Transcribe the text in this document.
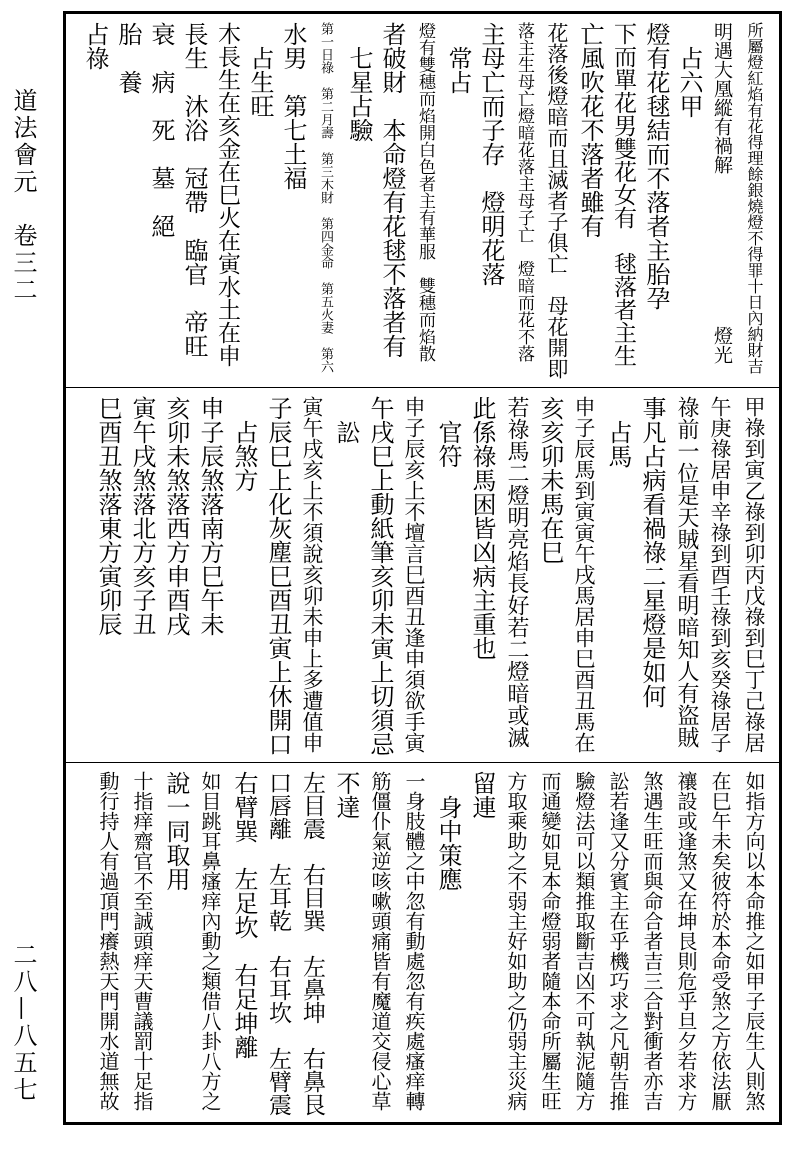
道法會元　卷三二
二八—八五七
所屬燈紅焰有花得理餘銀燒燈不得罪十日內納財吉
明遇大凰縱有禍解　　　　　　　　燈光
　占六甲
燈有花毬結而不落者主胎孕
下而單花男雙花女有　毬落者主生
亡風吹花不落者雖有
花落後燈暗而且滅者子俱亡　母花開即
落主生母亡燈暗花落主母子亡　燈暗而花不落
主母亡而子存　燈明花落
　常占
燈有雙穗而焰開白色者主有華服　雙穗而焰散
者破財　本命燈有花毬不落者有
　七星占驗
第一日祿　第二月壽　第三木財　第四金命　第五火妻　第六
水男　第七土福
　占生旺
木長生在亥金在巳火在寅水土在申
長生　沐浴　冠帶　臨官　帝旺
衰　病　死　墓　絕
胎　養
占祿
甲祿到寅乙祿到卯丙戊祿到巳丁己祿居
午庚祿居申辛祿到酉壬祿到亥癸祿居子
祿前一位是天賊星看明暗知人有盜賊
事凡占病看禍祿二星燈是如何
　占馬
申子辰馬到寅寅午戌馬居申巳酉丑馬在
亥亥卯未馬在巳
若祿馬二燈明亮焰長好若二燈暗或滅
此係祿馬困皆凶病主重也
　官符
申子辰亥上不壇言巳酉丑逢申須欲手寅
午戌巳上動紙筆亥卯未寅上切須忌
　訟
寅午戌亥上不須說亥卯未申上多遭值申
子辰巳上化灰塵巳酉丑寅上休開口
　占煞方
申子辰煞落南方巳午未
亥卯未煞落西方申酉戌
寅午戌煞落北方亥子丑
巳酉丑煞落東方寅卯辰
如指方向以本命推之如甲子辰生人則煞
在巳午未矣彼符於本命受煞之方依法厭
禳設或逢煞又在坤艮則危乎旦夕若求方
煞遇生旺而與命合者吉三合對衝者亦吉
訟若逢又分賓主在乎機巧求之凡朝告推
驗燈法可以類推取斷吉凶不可執泥隨方
而通變如見本命燈弱者隨本命所屬生旺
方取乘助之不弱主好如助之仍弱主災病
留連
　身中策應
一身肢體之中忽有動處忽有疾處瘙痒轉
筋僵仆氣逆咳嗽頭痛皆有魔道交侵心草
不達
左目震　右目巽　左鼻坤　右鼻艮
口唇離　左耳乾　右耳坎　左臂震
右臂巽　左足坎　右足坤離
如目跳耳鼻瘙痒內動之類借八卦八方之
說一同取用
十指痒齋官不至誠頭痒天曹議罰十足指
動行持人有過頂門癢熱天門開水道無故
